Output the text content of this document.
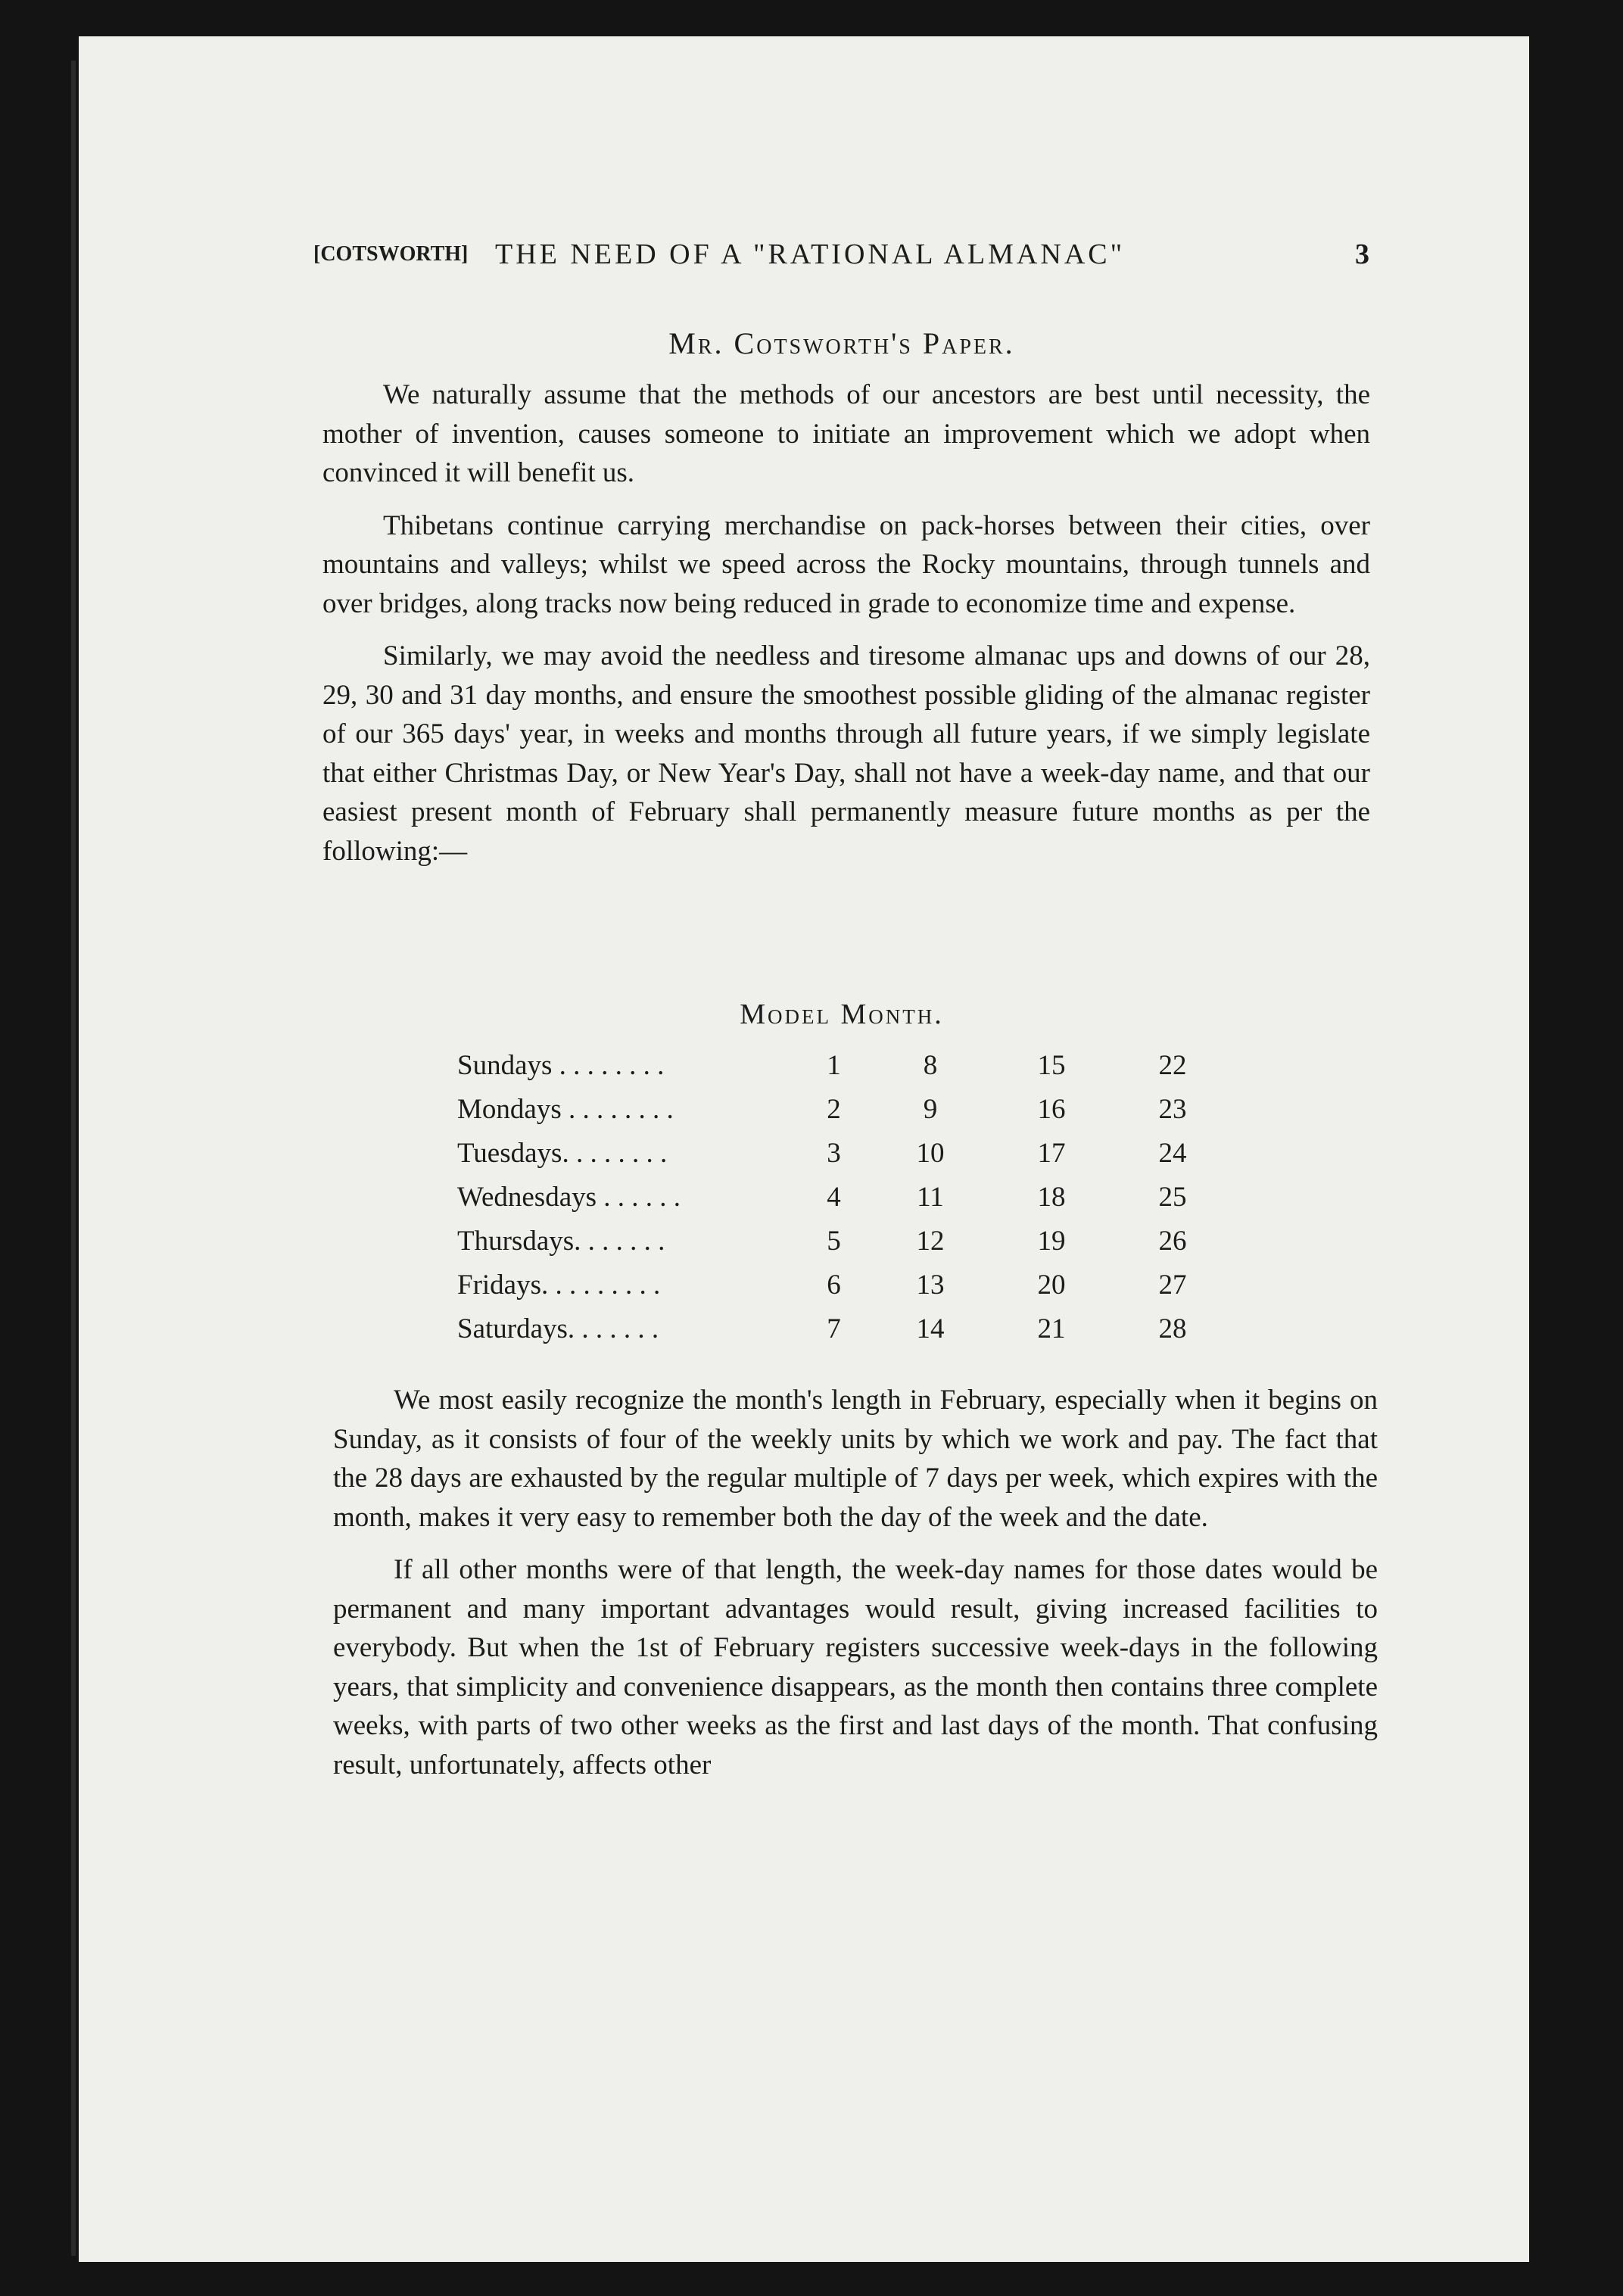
[COTSWORTH] THE NEED OF A "RATIONAL ALMANAC"	3
Mr. Cotsworth's Paper.

We naturally assume that the methods of our ancestors are best until necessity, the mother of invention, causes someone to initiate an improvement which we adopt when convinced it will benefit us.

Thibetans continue carrying merchandise on pack-horses between their cities, over mountains and valleys; whilst we speed across the Rocky mountains, through tunnels and over bridges, along tracks now being reduced in grade to economize time and expense.

Similarly, we may avoid the needless and tiresome almanac ups and downs of our 28, 29, 30 and 31 day months, and ensure the smoothest possible gliding of the almanac register of our 365 days' year, in weeks and months through all future years, if we simply legislate that either Christmas Day, or New Year's Day, shall not have a week-day name, and that our easiest present month of February shall permanently measure future months as per the following:—

Model Month.
Sundays . . . . . . . .	1	8	15	22
Mondays . . . . . . . .	2	9	16	23
Tuesdays. . . . . . . .	3	10	17	24
Wednesdays . . . . . .	4	11	18	25
Thursdays. . . . . . .	5	12	19	26
Fridays. . . . . . . . .	6	13	20	27
Saturdays. . . . . . .	7	14	21	28

We most easily recognize the month's length in February, especially when it begins on Sunday, as it consists of four of the weekly units by which we work and pay. The fact that the 28 days are exhausted by the regular multiple of 7 days per week, which expires with the month, makes it very easy to remember both the day of the week and the date.

If all other months were of that length, the week-day names for those dates would be permanent and many important advantages would result, giving increased facilities to everybody. But when the 1st of February registers successive week-days in the following years, that simplicity and convenience disappears, as the month then contains three complete weeks, with parts of two other weeks as the first and last days of the month. That confusing result, unfortunately, affects other
